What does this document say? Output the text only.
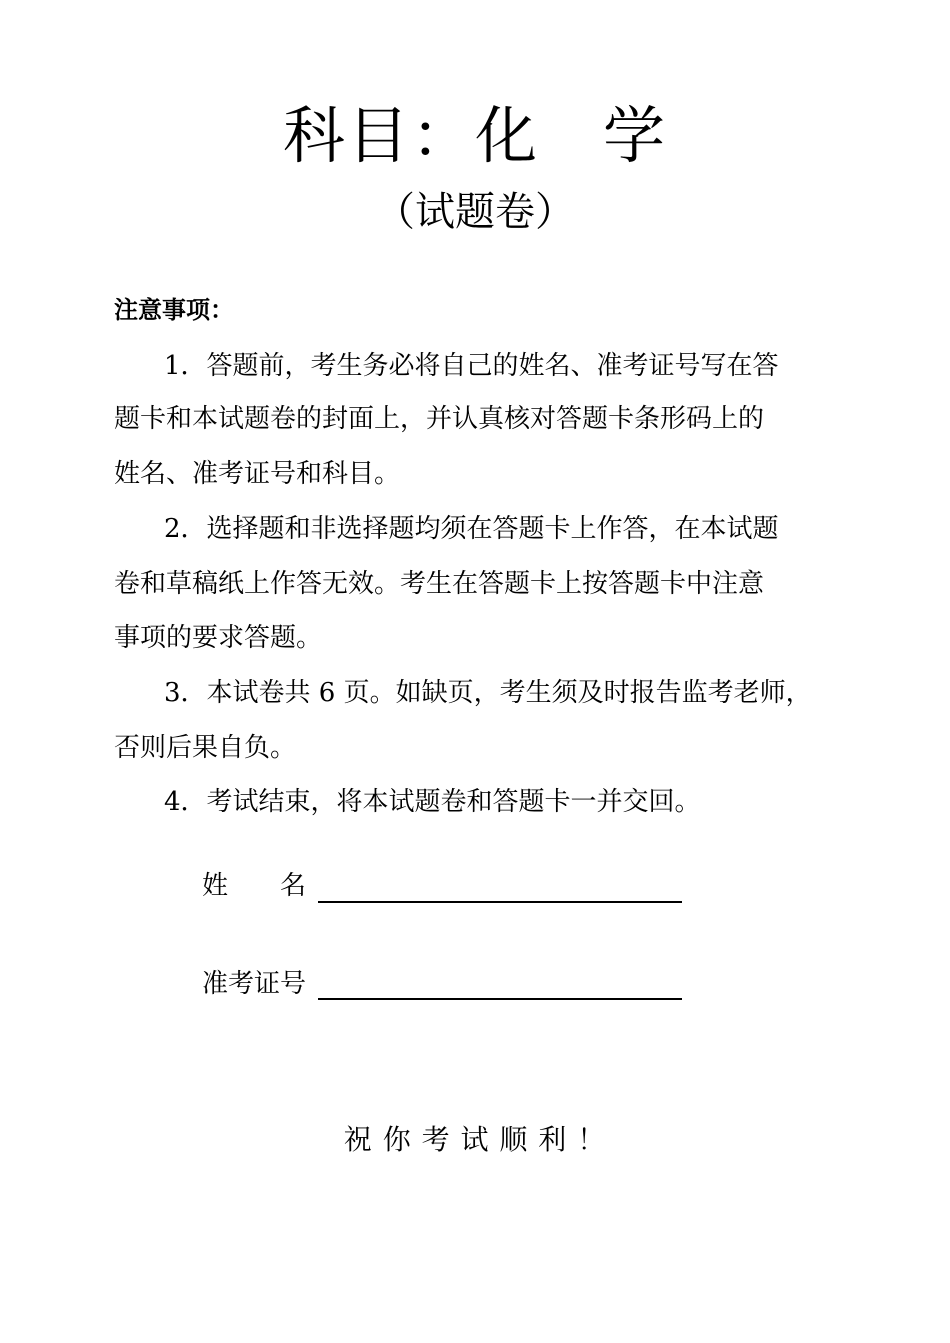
科目：化　学
（试题卷）
注意事项：
1．答题前，考生务必将自己的姓名、准考证号写在答
题卡和本试题卷的封面上，并认真核对答题卡条形码上的
姓名、准考证号和科目。
2．选择题和非选择题均须在答题卡上作答，在本试题
卷和草稿纸上作答无效。考生在答题卡上按答题卡中注意
事项的要求答题。
3．本试卷共 6 页。如缺页，考生须及时报告监考老师，
否则后果自负。
4．考试结束，将本试题卷和答题卡一并交回。
姓　　名
准考证号
祝 你 考 试 顺 利 ！
